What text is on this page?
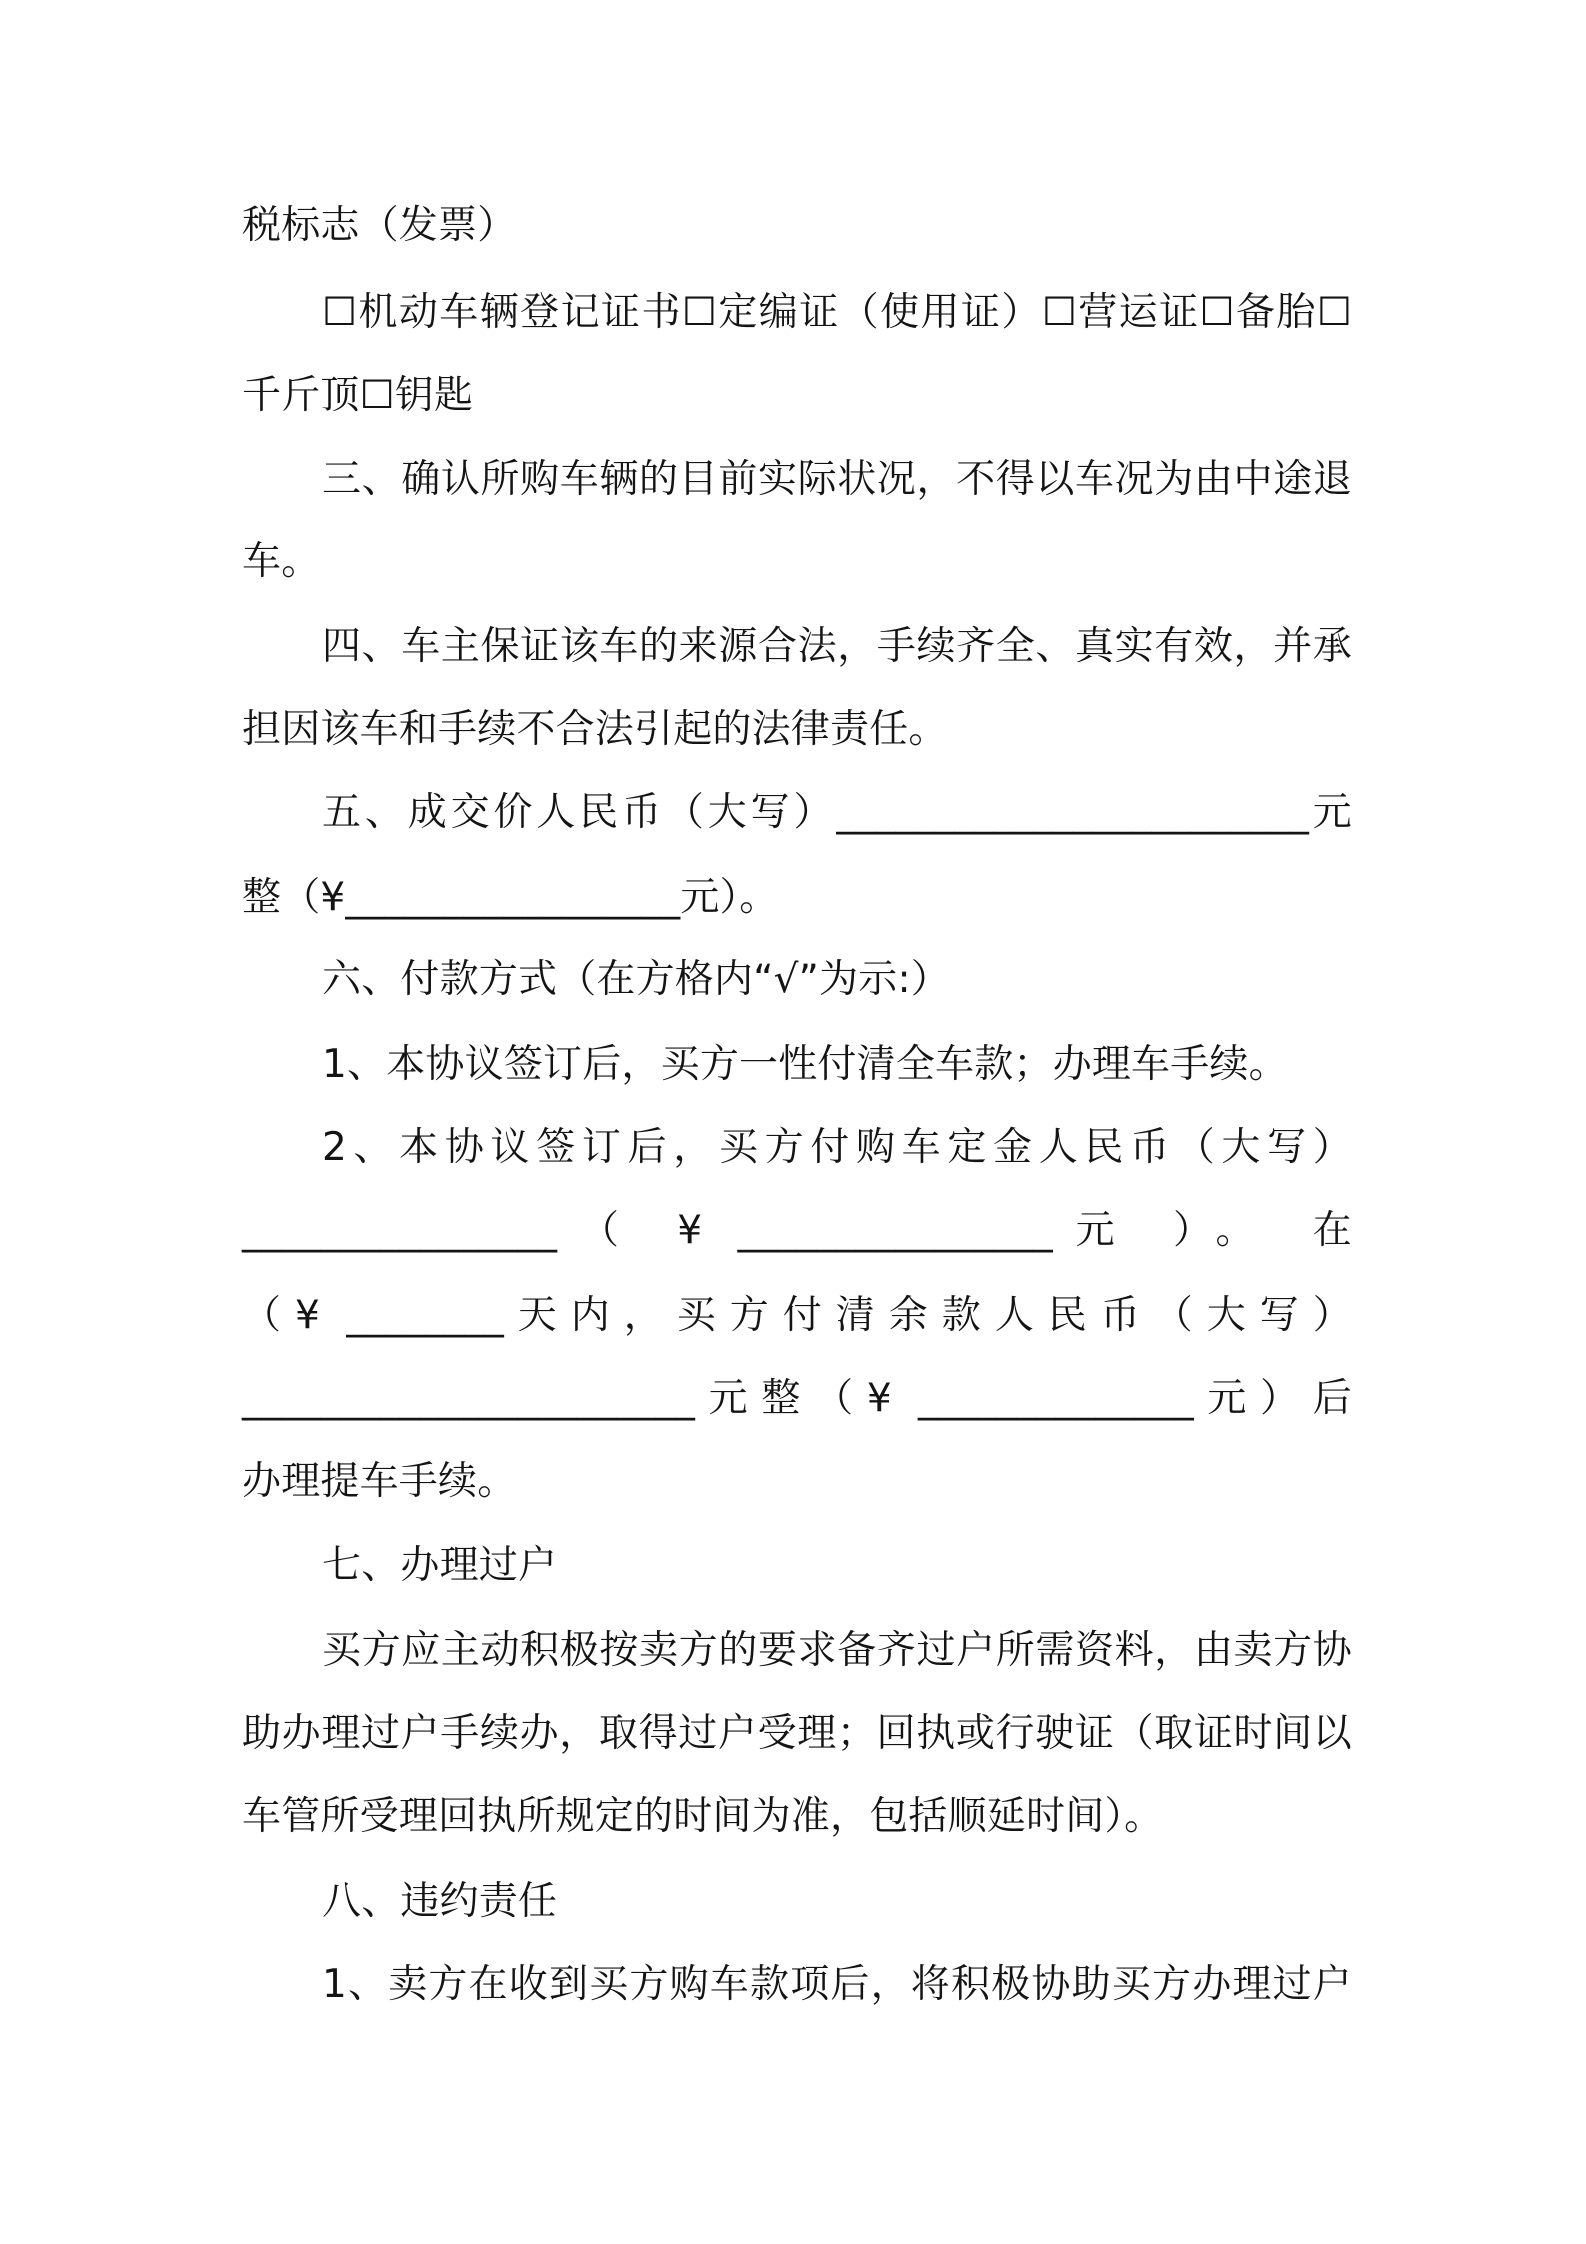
税标志（发票）
☐机动车辆登记证书☐定编证（使用证）☐营运证☐备胎☐
千斤顶☐钥匙
三、确认所购车辆的目前实际状况，不得以车况为由中途退
车。
四、车主保证该车的来源合法，手续齐全、真实有效，并承
担因该车和手续不合法引起的法律责任。
五、成交价人民币（大写）________________________元
整（¥_________________元）。
六、付款方式（在方格内“√”为示:）
1、本协议签订后，买方一性付清全车款；办理车手续。
2、本协议签订后，买方付购车定金人民币（大写）
________________（ ¥ ________________元 ）。 在
（¥ ________天内，买方付清余款人民币（大写）
_______________________元整（¥ ______________元）后
办理提车手续。
七、办理过户
买方应主动积极按卖方的要求备齐过户所需资料，由卖方协
助办理过户手续办，取得过户受理；回执或行驶证（取证时间以
车管所受理回执所规定的时间为准，包括顺延时间）。
八、违约责任
1、卖方在收到买方购车款项后，将积极协助买方办理过户
